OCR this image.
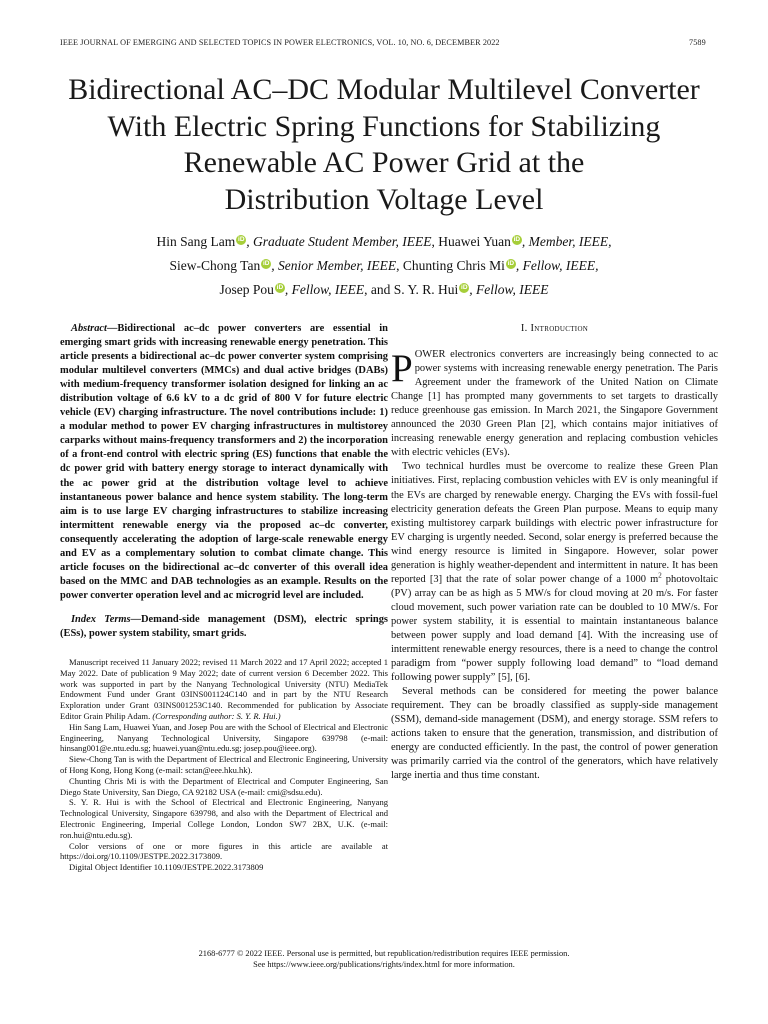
IEEE JOURNAL OF EMERGING AND SELECTED TOPICS IN POWER ELECTRONICS, VOL. 10, NO. 6, DECEMBER 2022	7589
Bidirectional AC–DC Modular Multilevel Converter
With Electric Spring Functions for Stabilizing
Renewable AC Power Grid at the
Distribution Voltage Level
Hin Sang Lam iD , Graduate Student Member, IEEE, Huawei Yuan iD , Member, IEEE,
Siew-Chong Tan iD , Senior Member, IEEE, Chunting Chris Mi iD , Fellow, IEEE,
Josep Pou iD , Fellow, IEEE, and S. Y. R. Hui iD , Fellow, IEEE

Abstract—Bidirectional ac–dc power converters are essential in emerging smart grids with increasing renewable energy penetration. This article presents a bidirectional ac–dc power converter system comprising modular multilevel converters (MMCs) and dual active bridges (DABs) with medium-frequency transformer isolation designed for linking an ac distribution voltage of 6.6 kV to a dc grid of 800 V for future electric vehicle (EV) charging infrastructure. The novel contributions include: 1) a modular method to power EV charging infrastructures in multistorey carparks without mains-frequency transformers and 2) the incorporation of a front-end control with electric spring (ES) functions that enable the dc power grid with battery energy storage to interact dynamically with the ac power grid at the distribution voltage level to achieve instantaneous power balance and hence system stability. The long-term aim is to use large EV charging infrastructures to stabilize increasing intermittent renewable energy via the proposed ac–dc converter, consequently accelerating the adoption of large-scale renewable energy and EV as a complementary solution to combat climate change. This article focuses on the bidirectional ac–dc converter of this overall idea based on the MMC and DAB technologies as an example. Results on the power converter operation level and ac microgrid level are included.

Index Terms—Demand-side management (DSM), electric springs (ESs), power system stability, smart grids.

Manuscript received 11 January 2022; revised 11 March 2022 and 17 April 2022; accepted 1 May 2022. Date of publication 9 May 2022; date of current version 6 December 2022. This work was supported in part by the Nanyang Technological University (NTU) MediaTek Endowment Fund under Grant 03INS001124C140 and in part by the NTU Research Exploration under Grant 03INS001253C140. Recommended for publication by Associate Editor Grain Philip Adam. (Corresponding author: S. Y. R. Hui.)

Hin Sang Lam, Huawei Yuan, and Josep Pou are with the School of Electrical and Electronic Engineering, Nanyang Technological University, Singapore 639798 (e-mail: hinsang001@e.ntu.edu.sg; huawei.yuan@ntu.edu.sg; josep.pou@ieee.org).

Siew-Chong Tan is with the Department of Electrical and Electronic Engineering, University of Hong Kong, Hong Kong (e-mail: sctan@eee.hku.hk).

Chunting Chris Mi is with the Department of Electrical and Computer Engineering, San Diego State University, San Diego, CA 92182 USA (e-mail: cmi@sdsu.edu).

S. Y. R. Hui is with the School of Electrical and Electronic Engineering, Nanyang Technological University, Singapore 639798, and also with the Department of Electrical and Electronic Engineering, Imperial College London, London SW7 2BX, U.K. (e-mail: ron.hui@ntu.edu.sg).

Color versions of one or more figures in this article are available at https://doi.org/10.1109/JESTPE.2022.3173809.

Digital Object Identifier 10.1109/JESTPE.2022.3173809

I. Introduction

POWER electronics converters are increasingly being connected to ac power systems with increasing renewable energy penetration. The Paris Agreement under the framework of the United Nation on Climate Change [1] has prompted many governments to set targets to drastically reduce greenhouse gas emission. In March 2021, the Singapore Government announced the 2030 Green Plan [2], which contains major initiatives of increasing renewable energy generation and replacing combustion vehicles with electric vehicles (EVs).

Two technical hurdles must be overcome to realize these Green Plan initiatives. First, replacing combustion vehicles with EV is only meaningful if the EVs are charged by renewable energy. Charging the EVs with fossil-fuel electricity generation defeats the Green Plan purpose. Means to equip many existing multistorey carpark buildings with electric power infrastructure for EV charging is urgently needed. Second, solar energy is preferred because the wind energy resource is limited in Singapore. However, solar power generation is highly weather-dependent and intermittent in nature. It has been reported [3] that the rate of solar power change of a 1000 $m^2$ photovoltaic (PV) array can be as high as 5 MW/s for cloud moving at 20 m/s. For faster cloud movement, such power variation rate can be doubled to 10 MW/s. For power system stability, it is essential to maintain instantaneous balance between power supply and load demand [4]. With the increasing use of intermittent renewable energy resources, there is a need to change the control paradigm from “power supply following load demand” to “load demand following power supply” [5], [6].

Several methods can be considered for meeting the power balance requirement. They can be broadly classified as supply-side management (SSM), demand-side management (DSM), and energy storage. SSM refers to actions taken to ensure that the generation, transmission, and distribution of energy are conducted efficiently. In the past, the control of power generation was primarily carried via the control of the generators, which have relatively large inertia and thus time constant.

2168-6777 © 2022 IEEE. Personal use is permitted, but republication/redistribution requires IEEE permission.
See https://www.ieee.org/publications/rights/index.html for more information.
